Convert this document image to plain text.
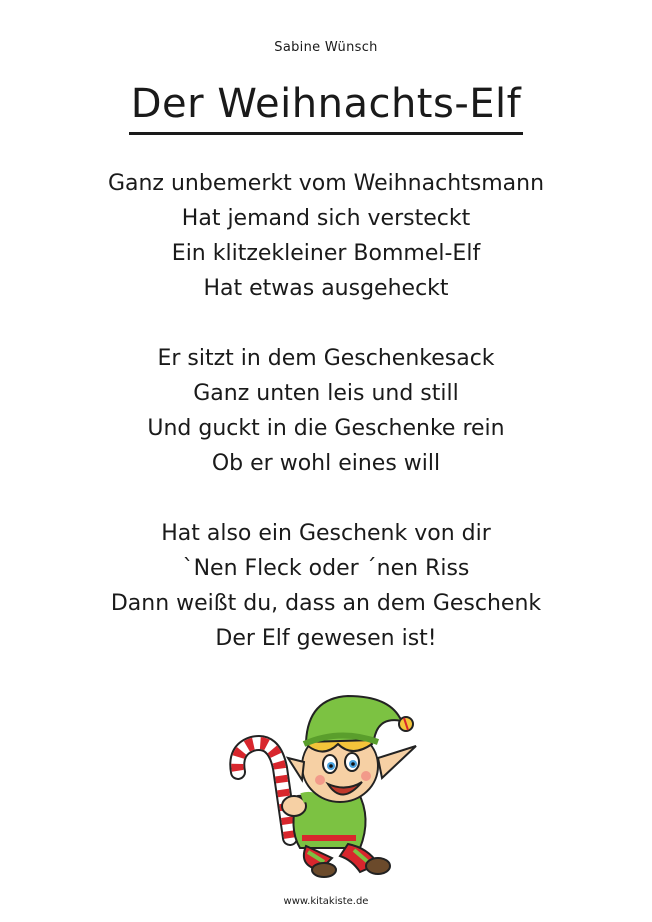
Sabine Wünsch
Der Weihnachts-Elf
Ganz unbemerkt vom Weihnachtsmann
Hat jemand sich versteckt
Ein klitzekleiner Bommel-Elf
Hat etwas ausgeheckt
Er sitzt in dem Geschenkesack
Ganz unten leis und still
Und guckt in die Geschenke rein
Ob er wohl eines will
Hat also ein Geschenk von dir
`Nen Fleck oder ´nen Riss
Dann weißt du, dass an dem Geschenk
Der Elf gewesen ist!
www.kitakiste.de
